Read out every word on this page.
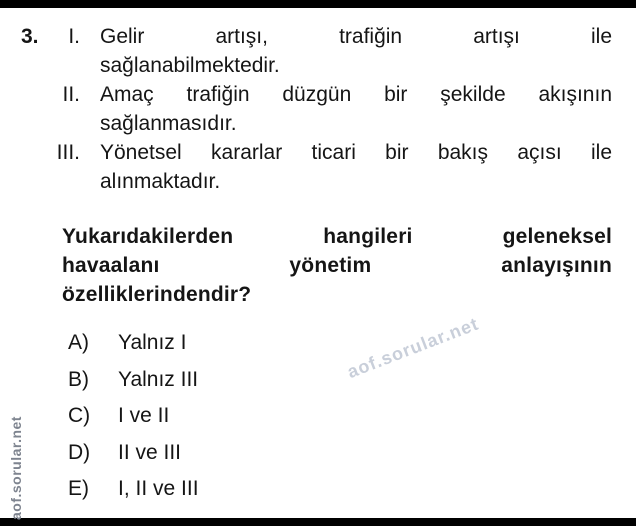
aof.sorular.net
aof.sorular.net
3.	I. Gelir artışı, trafiğin artışı ile
sağlanabilmektedir.
II. Amaç trafiğin düzgün bir şekilde akışının
sağlanmasıdır.
III. Yönetsel kararlar ticari bir bakış açısı ile
alınmaktadır.
Yukarıdakilerden hangileri geleneksel
havaalanı yönetim anlayışının
özelliklerindendir?
A)	Yalnız I
B)	Yalnız III
C)	I ve II
D)	II ve III
E)	I, II ve III
